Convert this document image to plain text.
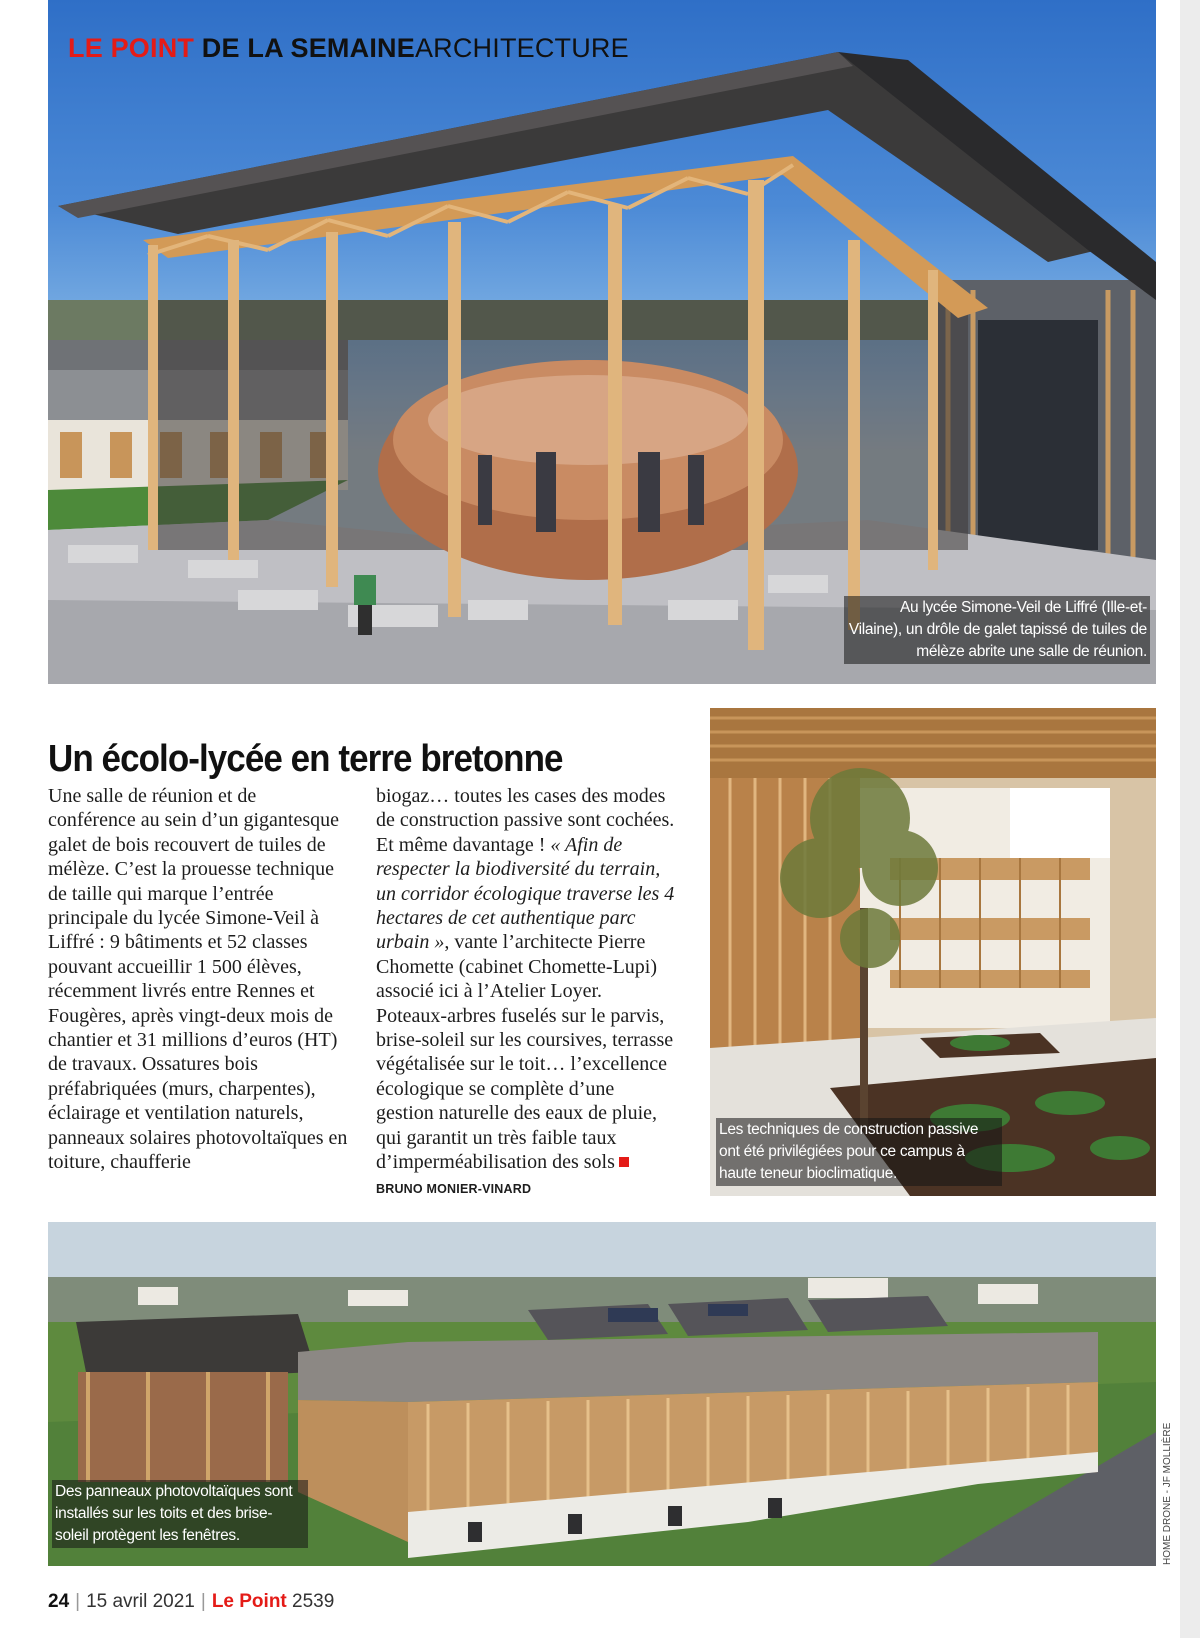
LE POINT DE LA SEMAINEARCHITECTURE
Au lycée Simone-Veil de Liffré (Ille-et-Vilaine), un drôle de galet tapissé de tuiles de mélèze abrite une salle de réunion.
Un écolo-lycée en terre bretonne

Une salle de réunion et de conférence au sein d’un gigantesque galet de bois recouvert de tuiles de mélèze. C’est la prouesse technique de taille qui marque l’entrée principale du lycée Simone-Veil à Liffré : 9 bâtiments et 52 classes pouvant accueillir 1 500 élèves, récemment livrés entre Rennes et Fougères, après vingt-deux mois de chantier et 31 millions d’euros (HT) de travaux. Ossatures bois préfabriquées (murs, charpentes), éclairage et ventilation naturels, panneaux solaires photovoltaïques en toiture, chaufferie

biogaz… toutes les cases des modes de construction passive sont cochées. Et même davantage ! « Afin de respecter la biodiversité du terrain, un corridor écologique traverse les 4 hectares de cet authentique parc urbain », vante l’architecte Pierre Chomette (cabinet Chomette-Lupi) associé ici à l’Atelier Loyer. Poteaux-arbres fuselés sur le parvis, brise-soleil sur les coursives, terrasse végétalisée sur le toit… l’excellence écologique se complète d’une gestion naturelle des eaux de pluie, qui garantit un très faible taux d’imperméabilisation des solsBRUNO MONIER-VINARD

Les techniques de construction passive ont été privilégiées pour ce campus à haute teneur bioclimatique.
Des panneaux photovoltaïques sont installés sur les toits et des brise-soleil protègent les fenêtres.	HOME DRONE - JF MOLLIÈRE
24 | 15 avril 2021 | Le Point 2539
